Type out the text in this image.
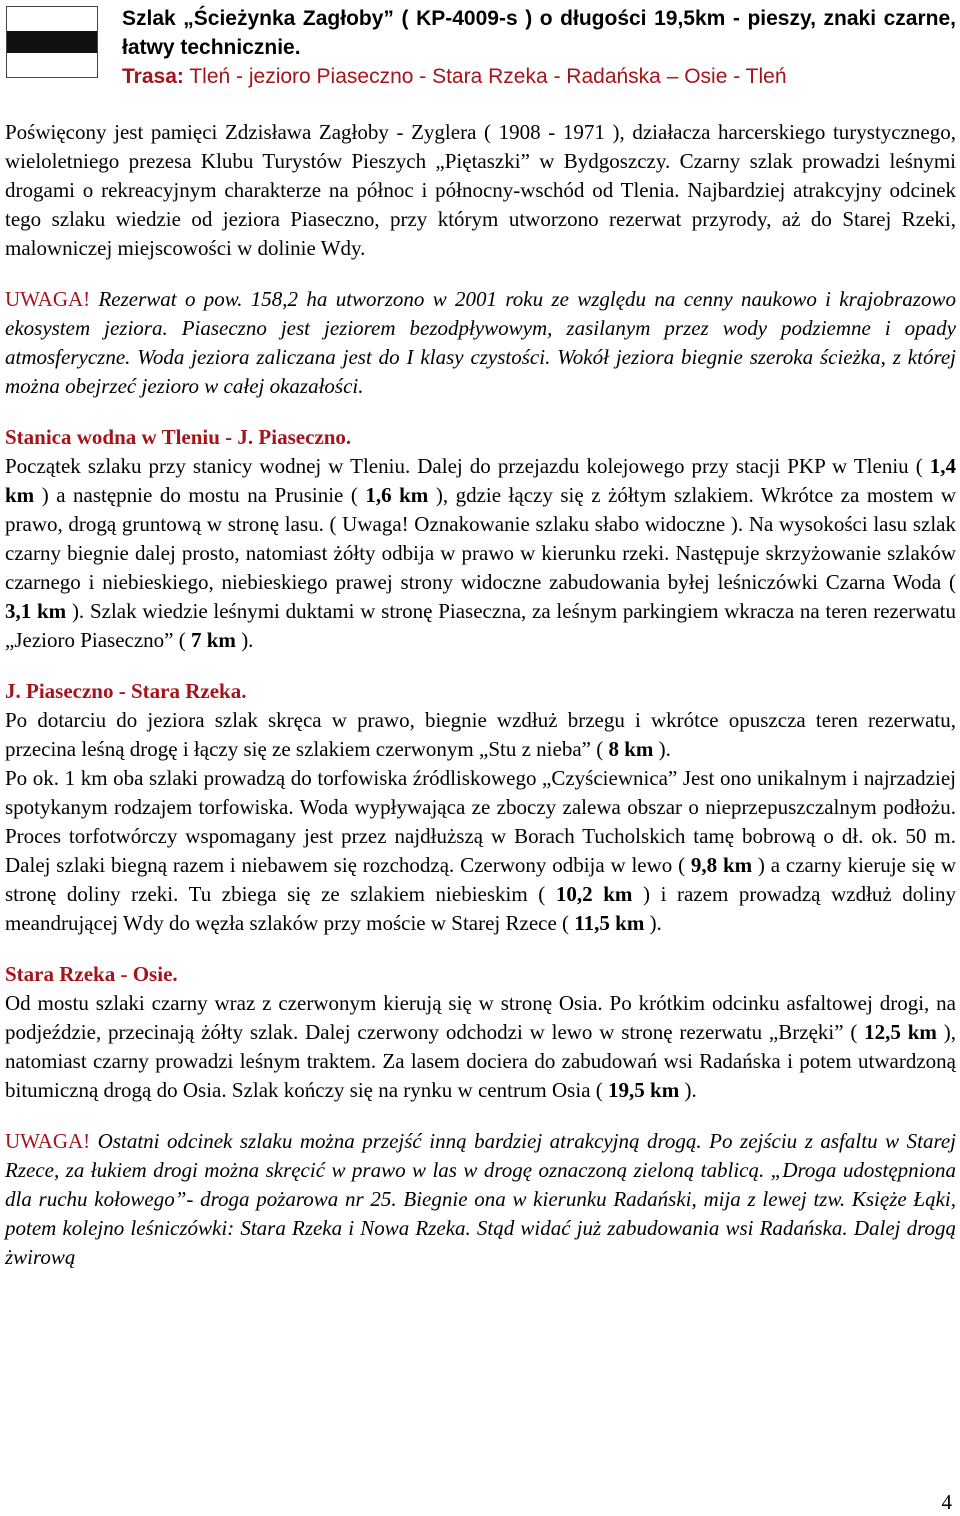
Szlak „Ścieżynka Zagłoby” ( KP-4009-s ) o długości 19,5km - pieszy, znaki czarne, łatwy technicznie.
Trasa: Tleń - jezioro Piaseczno - Stara Rzeka - Radańska – Osie - Tleń

Poświęcony jest pamięci Zdzisława Zagłoby - Zyglera ( 1908 - 1971 ), działacza harcerskiego turystycznego, wieloletniego prezesa Klubu Turystów Pieszych „Piętaszki” w Bydgoszczy. Czarny szlak prowadzi leśnymi drogami o rekreacyjnym charakterze na północ i północny-wschód od Tlenia. Najbardziej atrakcyjny odcinek tego szlaku wiedzie od jeziora Piaseczno, przy którym utworzono rezerwat przyrody, aż do Starej Rzeki, malowniczej miejscowości w dolinie Wdy.

UWAGA! Rezerwat o pow. 158,2 ha utworzono w 2001 roku ze względu na cenny naukowo i krajobrazowo ekosystem jeziora. Piaseczno jest jeziorem bezodpływowym, zasilanym przez wody podziemne i opady atmosferyczne. Woda jeziora zaliczana jest do I klasy czystości. Wokół jeziora biegnie szeroka ścieżka, z której można obejrzeć jezioro w całej okazałości.

Stanica wodna w Tleniu - J. Piaseczno.

Początek szlaku przy stanicy wodnej w Tleniu. Dalej do przejazdu kolejowego przy stacji PKP w Tleniu ( 1,4 km ) a następnie do mostu na Prusinie ( 1,6 km ), gdzie łączy się z żółtym szlakiem. Wkrótce za mostem w prawo, drogą gruntową w stronę lasu. ( Uwaga! Oznakowanie szlaku słabo widoczne ). Na wysokości lasu szlak czarny biegnie dalej prosto, natomiast żółty odbija w prawo w kierunku rzeki. Następuje skrzyżowanie szlaków czarnego i niebieskiego, niebieskiego prawej strony widoczne zabudowania byłej leśniczówki Czarna Woda ( 3,1 km ). Szlak wiedzie leśnymi duktami w stronę Piaseczna, za leśnym parkingiem wkracza na teren rezerwatu „Jezioro Piaseczno” ( 7 km ).

J. Piaseczno - Stara Rzeka.

Po dotarciu do jeziora szlak skręca w prawo, biegnie wzdłuż brzegu i wkrótce opuszcza teren rezerwatu, przecina leśną drogę i łączy się ze szlakiem czerwonym „Stu z nieba” ( 8 km ).

Po ok. 1 km oba szlaki prowadzą do torfowiska źródliskowego „Czyściewnica” Jest ono unikalnym i najrzadziej spotykanym rodzajem torfowiska. Woda wypływająca ze zboczy zalewa obszar o nieprzepuszczalnym podłożu. Proces torfotwórczy wspomagany jest przez najdłuższą w Borach Tucholskich tamę bobrową o dł. ok. 50 m. Dalej szlaki biegną razem i niebawem się rozchodzą. Czerwony odbija w lewo ( 9,8 km ) a czarny kieruje się w stronę doliny rzeki. Tu zbiega się ze szlakiem niebieskim ( 10,2 km ) i razem prowadzą wzdłuż doliny meandrującej Wdy do węzła szlaków przy moście w Starej Rzece ( 11,5 km ).

Stara Rzeka - Osie.

Od mostu szlaki czarny wraz z czerwonym kierują się w stronę Osia. Po krótkim odcinku asfaltowej drogi, na podjeździe, przecinają żółty szlak. Dalej czerwony odchodzi w lewo w stronę rezerwatu „Brzęki” ( 12,5 km ), natomiast czarny prowadzi leśnym traktem. Za lasem dociera do zabudowań wsi Radańska i potem utwardzoną bitumiczną drogą do Osia. Szlak kończy się na rynku w centrum Osia ( 19,5 km ).

UWAGA! Ostatni odcinek szlaku można przejść inną bardziej atrakcyjną drogą. Po zejściu z asfaltu w Starej Rzece, za łukiem drogi można skręcić w prawo w las w drogę oznaczoną zieloną tablicą. „Droga udostępniona dla ruchu kołowego”- droga pożarowa nr 25. Biegnie ona w kierunku Radański, mija z lewej tzw. Księże Łąki, potem kolejno leśniczówki: Stara Rzeka i Nowa Rzeka. Stąd widać już zabudowania wsi Radańska. Dalej drogą żwirową

4
